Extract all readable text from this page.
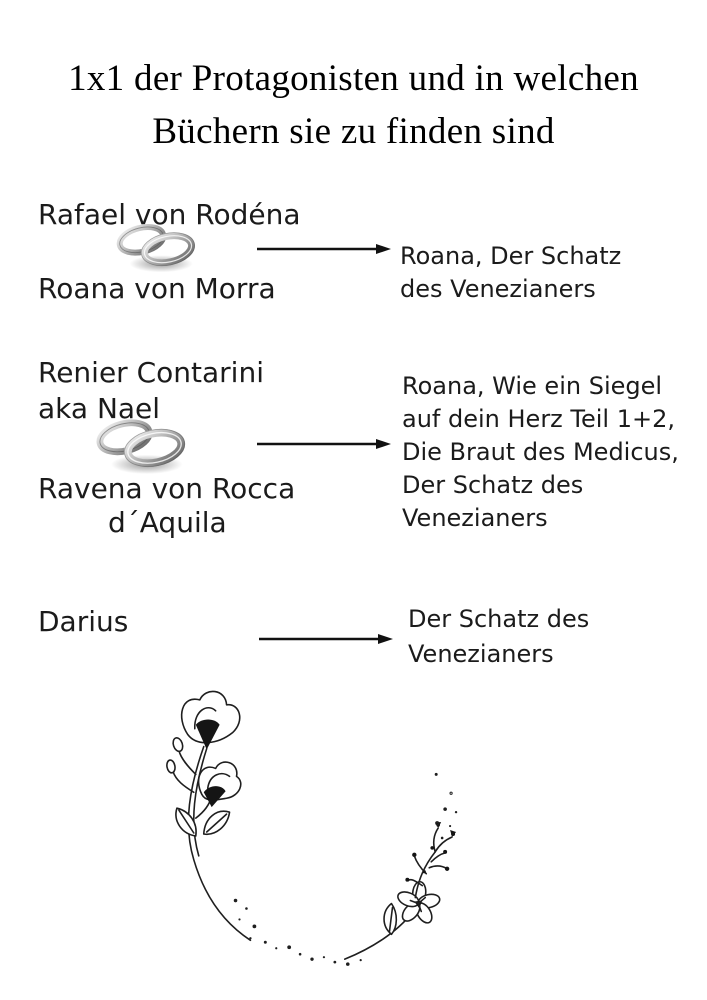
1x1 der Protagonisten und in welchen
Büchern sie zu finden sind
Rafael von Rodéna
Roana von Morra
Roana, Der Schatz
des Venezianers
Renier Contarini
aka Nael
Ravena von Rocca
d´Aquila
Roana, Wie ein Siegel
auf dein Herz Teil 1+2,
Die Braut des Medicus,
Der Schatz des
Venezianers
Darius	Der Schatz des
Venezianers
